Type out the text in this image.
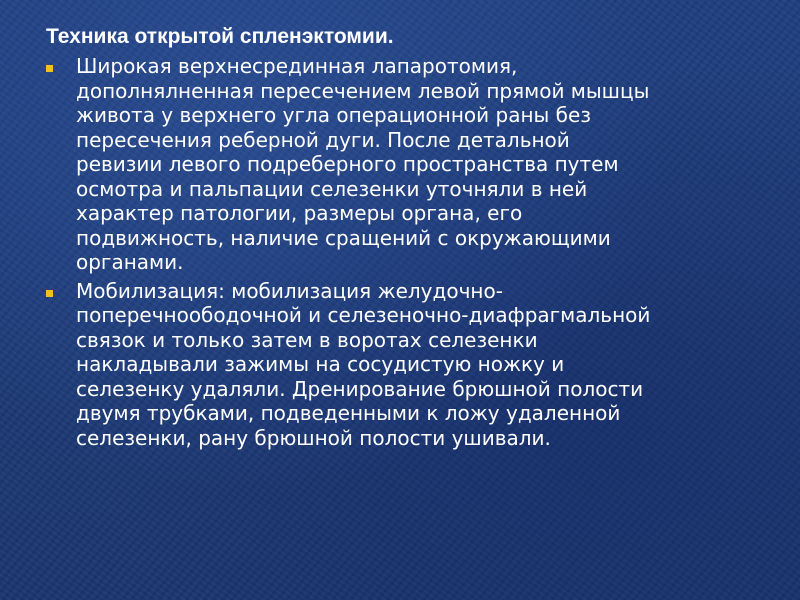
Техника открытой спленэктомии.
Широкая верхнесрединная лапаротомия,
дополнялненная пересечением левой прямой мышцы
живота у верхнего угла операционной раны без
пересечения реберной дуги. После детальной
ревизии левого подреберного пространства путем
осмотра и пальпации селезенки уточняли в ней
характер патологии, размеры органа, его
подвижность, наличие сращений с окружающими
органами.
Мобилизация: мобилизация желудочно-
поперечноободочной и селезеночно-диафрагмальной
связок и только затем в воротах селезенки
накладывали зажимы на сосудистую ножку и
селезенку удаляли. Дренирование брюшной полости
двумя трубками, подведенными к ложу удаленной
селезенки, рану брюшной полости ушивали.
